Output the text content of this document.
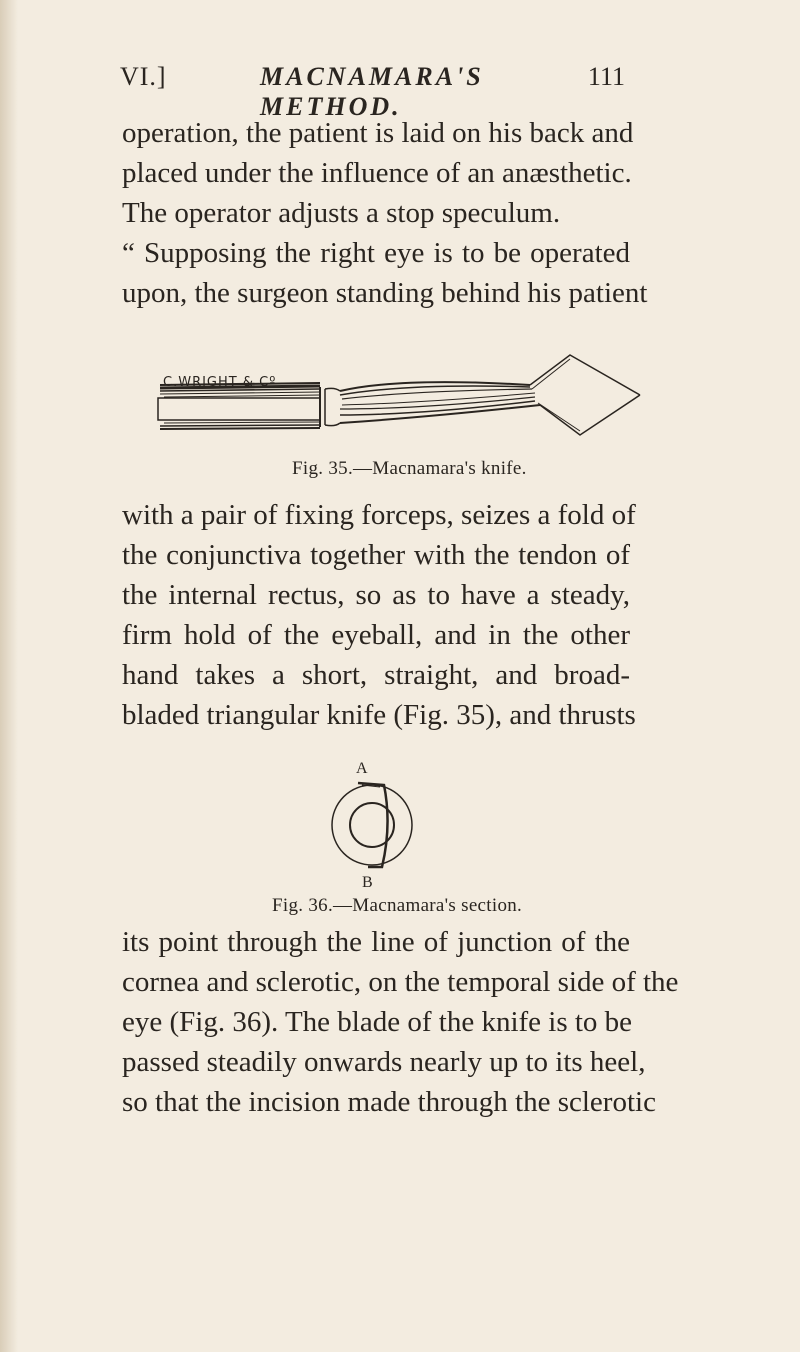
VI.]	MACNAMARA'S METHOD.
111
operation, the patient is laid on his back and
placed under the influence of an anæsthetic.
The operator adjusts a stop speculum.
“ Supposing the right eye is to be operated
upon, the surgeon standing behind his patient
C.WRIGHT & Cº
Fig. 35.—Macnamara's knife.
with a pair of fixing forceps, seizes a fold of
the conjunctiva together with the tendon of
the internal rectus, so as to have a steady,
firm hold of the eyeball, and in the other
hand takes a short, straight, and broad-
bladed triangular knife (Fig. 35), and thrusts
A
B
Fig. 36.—Macnamara's section.
its point through the line of junction of the
cornea and sclerotic, on the temporal side of the
eye (Fig. 36). The blade of the knife is to be
passed steadily onwards nearly up to its heel,
so that the incision made through the sclerotic
